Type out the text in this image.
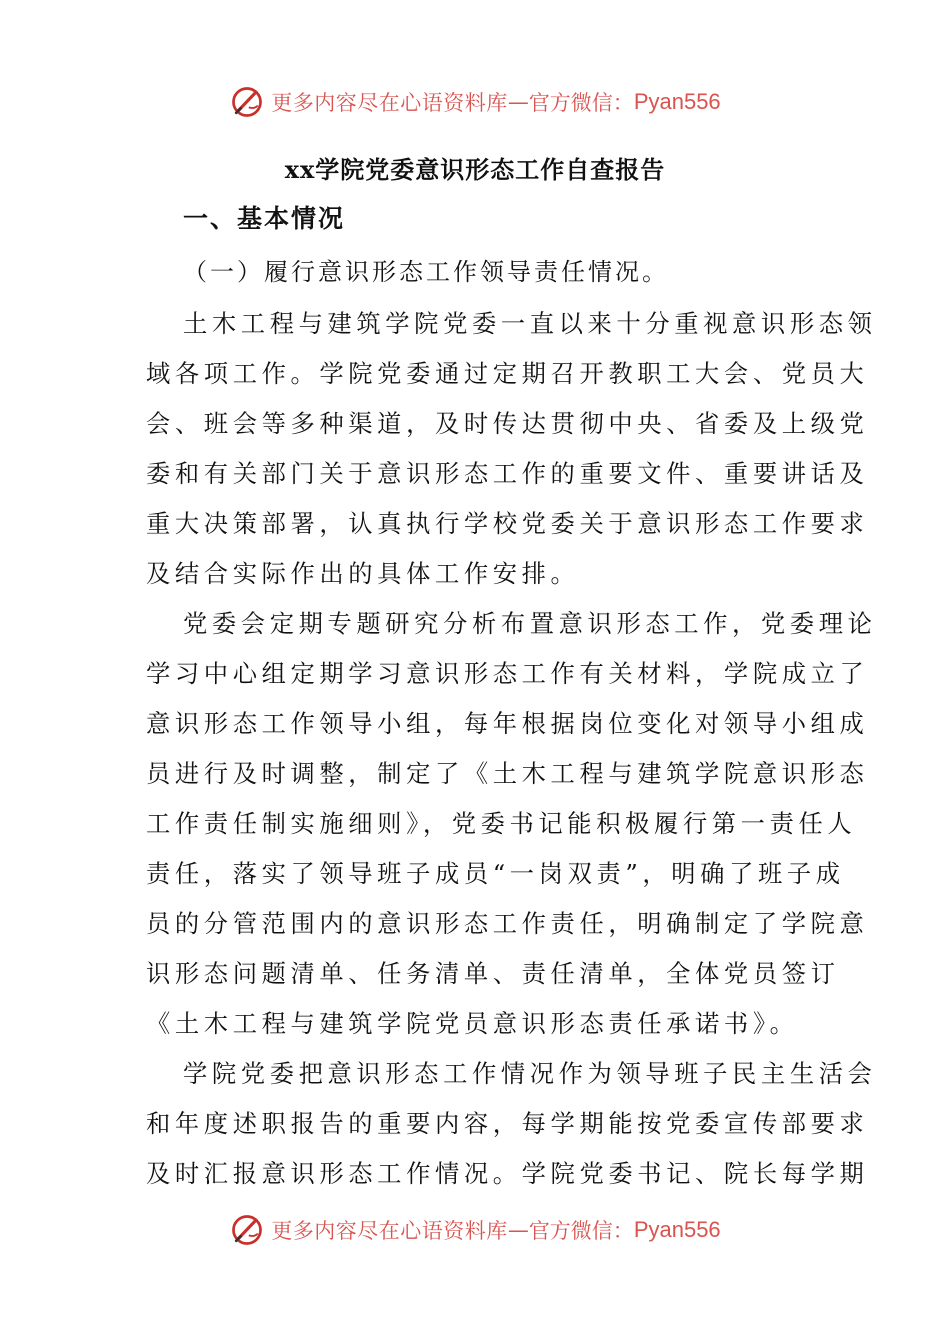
更多内容尽在心语资料库 — 官方微信： Pyan556
xx学院党委意识形态工作自查报告
一、基本情况
（一）履行意识形态工作领导责任情况。
土木工程与建筑学院党委一直以来十分重视意识形态领
域各项工作。学院党委通过定期召开教职工大会、党员大
会、班会等多种渠道，及时传达贯彻中央、省委及上级党
委和有关部门关于意识形态工作的重要文件、重要讲话及
重大决策部署，认真执行学校党委关于意识形态工作要求
及结合实际作出的具体工作安排。
党委会定期专题研究分析布置意识形态工作，党委理论
学习中心组定期学习意识形态工作有关材料，学院成立了
意识形态工作领导小组，每年根据岗位变化对领导小组成
员进行及时调整，制定了《土木工程与建筑学院意识形态
工作责任制实施细则》，党委书记能积极履行第一责任人
责任，落实了领导班子成员“一岗双责”，明确了班子成
员的分管范围内的意识形态工作责任，明确制定了学院意
识形态问题清单、任务清单、责任清单，全体党员签订
《土木工程与建筑学院党员意识形态责任承诺书》。
学院党委把意识形态工作情况作为领导班子民主生活会
和年度述职报告的重要内容，每学期能按党委宣传部要求
及时汇报意识形态工作情况。学院党委书记、院长每学期
更多内容尽在心语资料库 — 官方微信： Pyan556
